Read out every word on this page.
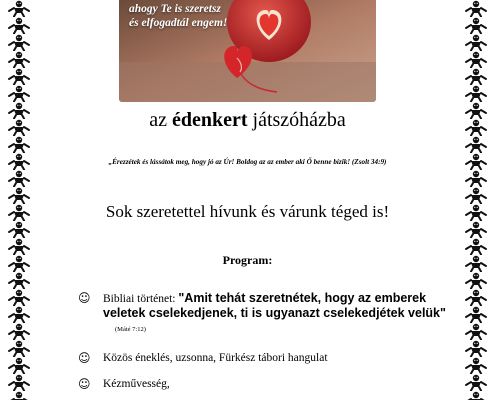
ahogy Te is szeretsz
és elfogadtál engem!
az édenkert játszóházba
„Érezzétek és lássátok meg, hogy jó az Úr! Boldog az az ember aki Ő benne bízik! (Zsolt 34:9)
Sok szeretettel hívunk és várunk téged is!
Program:
☺ Bibliai történet: "Amit tehát szeretnétek, hogy az emberek veletek cselekedjenek, ti is ugyanazt cselekedjétek velük"(Máté 7:12)
☺ Közös éneklés, uzsonna, Fürkész tábori hangulat
☺ Kézművesség,
